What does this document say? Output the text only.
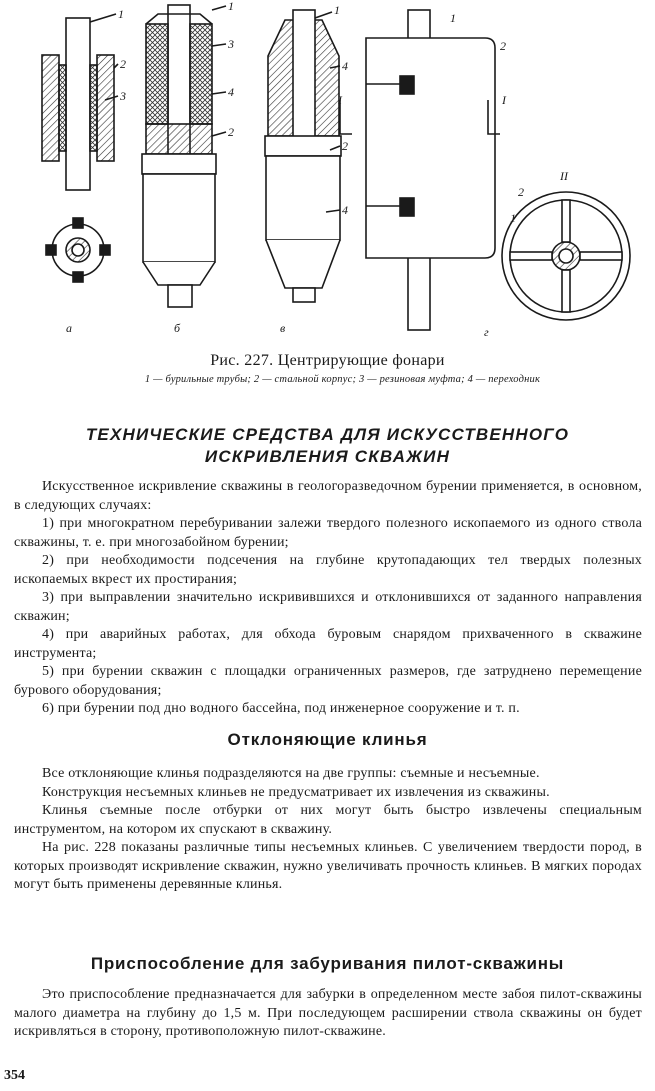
1
2
3
1
3
4
2
1
4
2
4
1
2
I	I
II
2
1
a	б	в	г
Рис. 227. Центрирующие фонари
1 — бурильные трубы; 2 — стальной корпус; 3 — резиновая муфта; 4 — переходник
ТЕХНИЧЕСКИЕ СРЕДСТВА ДЛЯ ИСКУССТВЕННОГО
ИСКРИВЛЕНИЯ СКВАЖИН

Искусственное искривление скважины в геологоразведочном бурении применяется, в основном, в следующих случаях:

1) при многократном перебуривании залежи твердого полезного ископаемого из одного ствола скважины, т. е. при многозабойном бурении;

2) при необходимости подсечения на глубине крутопадающих тел твердых полезных ископаемых вкрест их простирания;

3) при выправлении значительно искривившихся и отклонившихся от заданного направления скважин;

4) при аварийных работах, для обхода буровым снарядом прихваченного в скважине инструмента;

5) при бурении скважин с площадки ограниченных размеров, где затруднено перемещение бурового оборудования;

6) при бурении под дно водного бассейна, под инженерное сооружение и т. п.

Отклоняющие клинья

Все отклоняющие клинья подразделяются на две группы: съемные и несъемные.

Конструкция несъемных клиньев не предусматривает их извлечения из скважины.

Клинья съемные после отбурки от них могут быть быстро извлечены специальным инструментом, на котором их спускают в скважину.

На рис. 228 показаны различные типы несъемных клиньев. С увеличением твердости пород, в которых производят искривление скважин, нужно увеличивать прочность клиньев. В мягких породах могут быть применены деревянные клинья.

Приспособление для забуривания пилот-скважины

Это приспособление предназначается для забурки в определенном месте забоя пилот-скважины малого диаметра на глубину до 1,5 м. При последующем расширении ствола скважины он будет искривляться в сторону, противоположную пилот-скважине.

354
